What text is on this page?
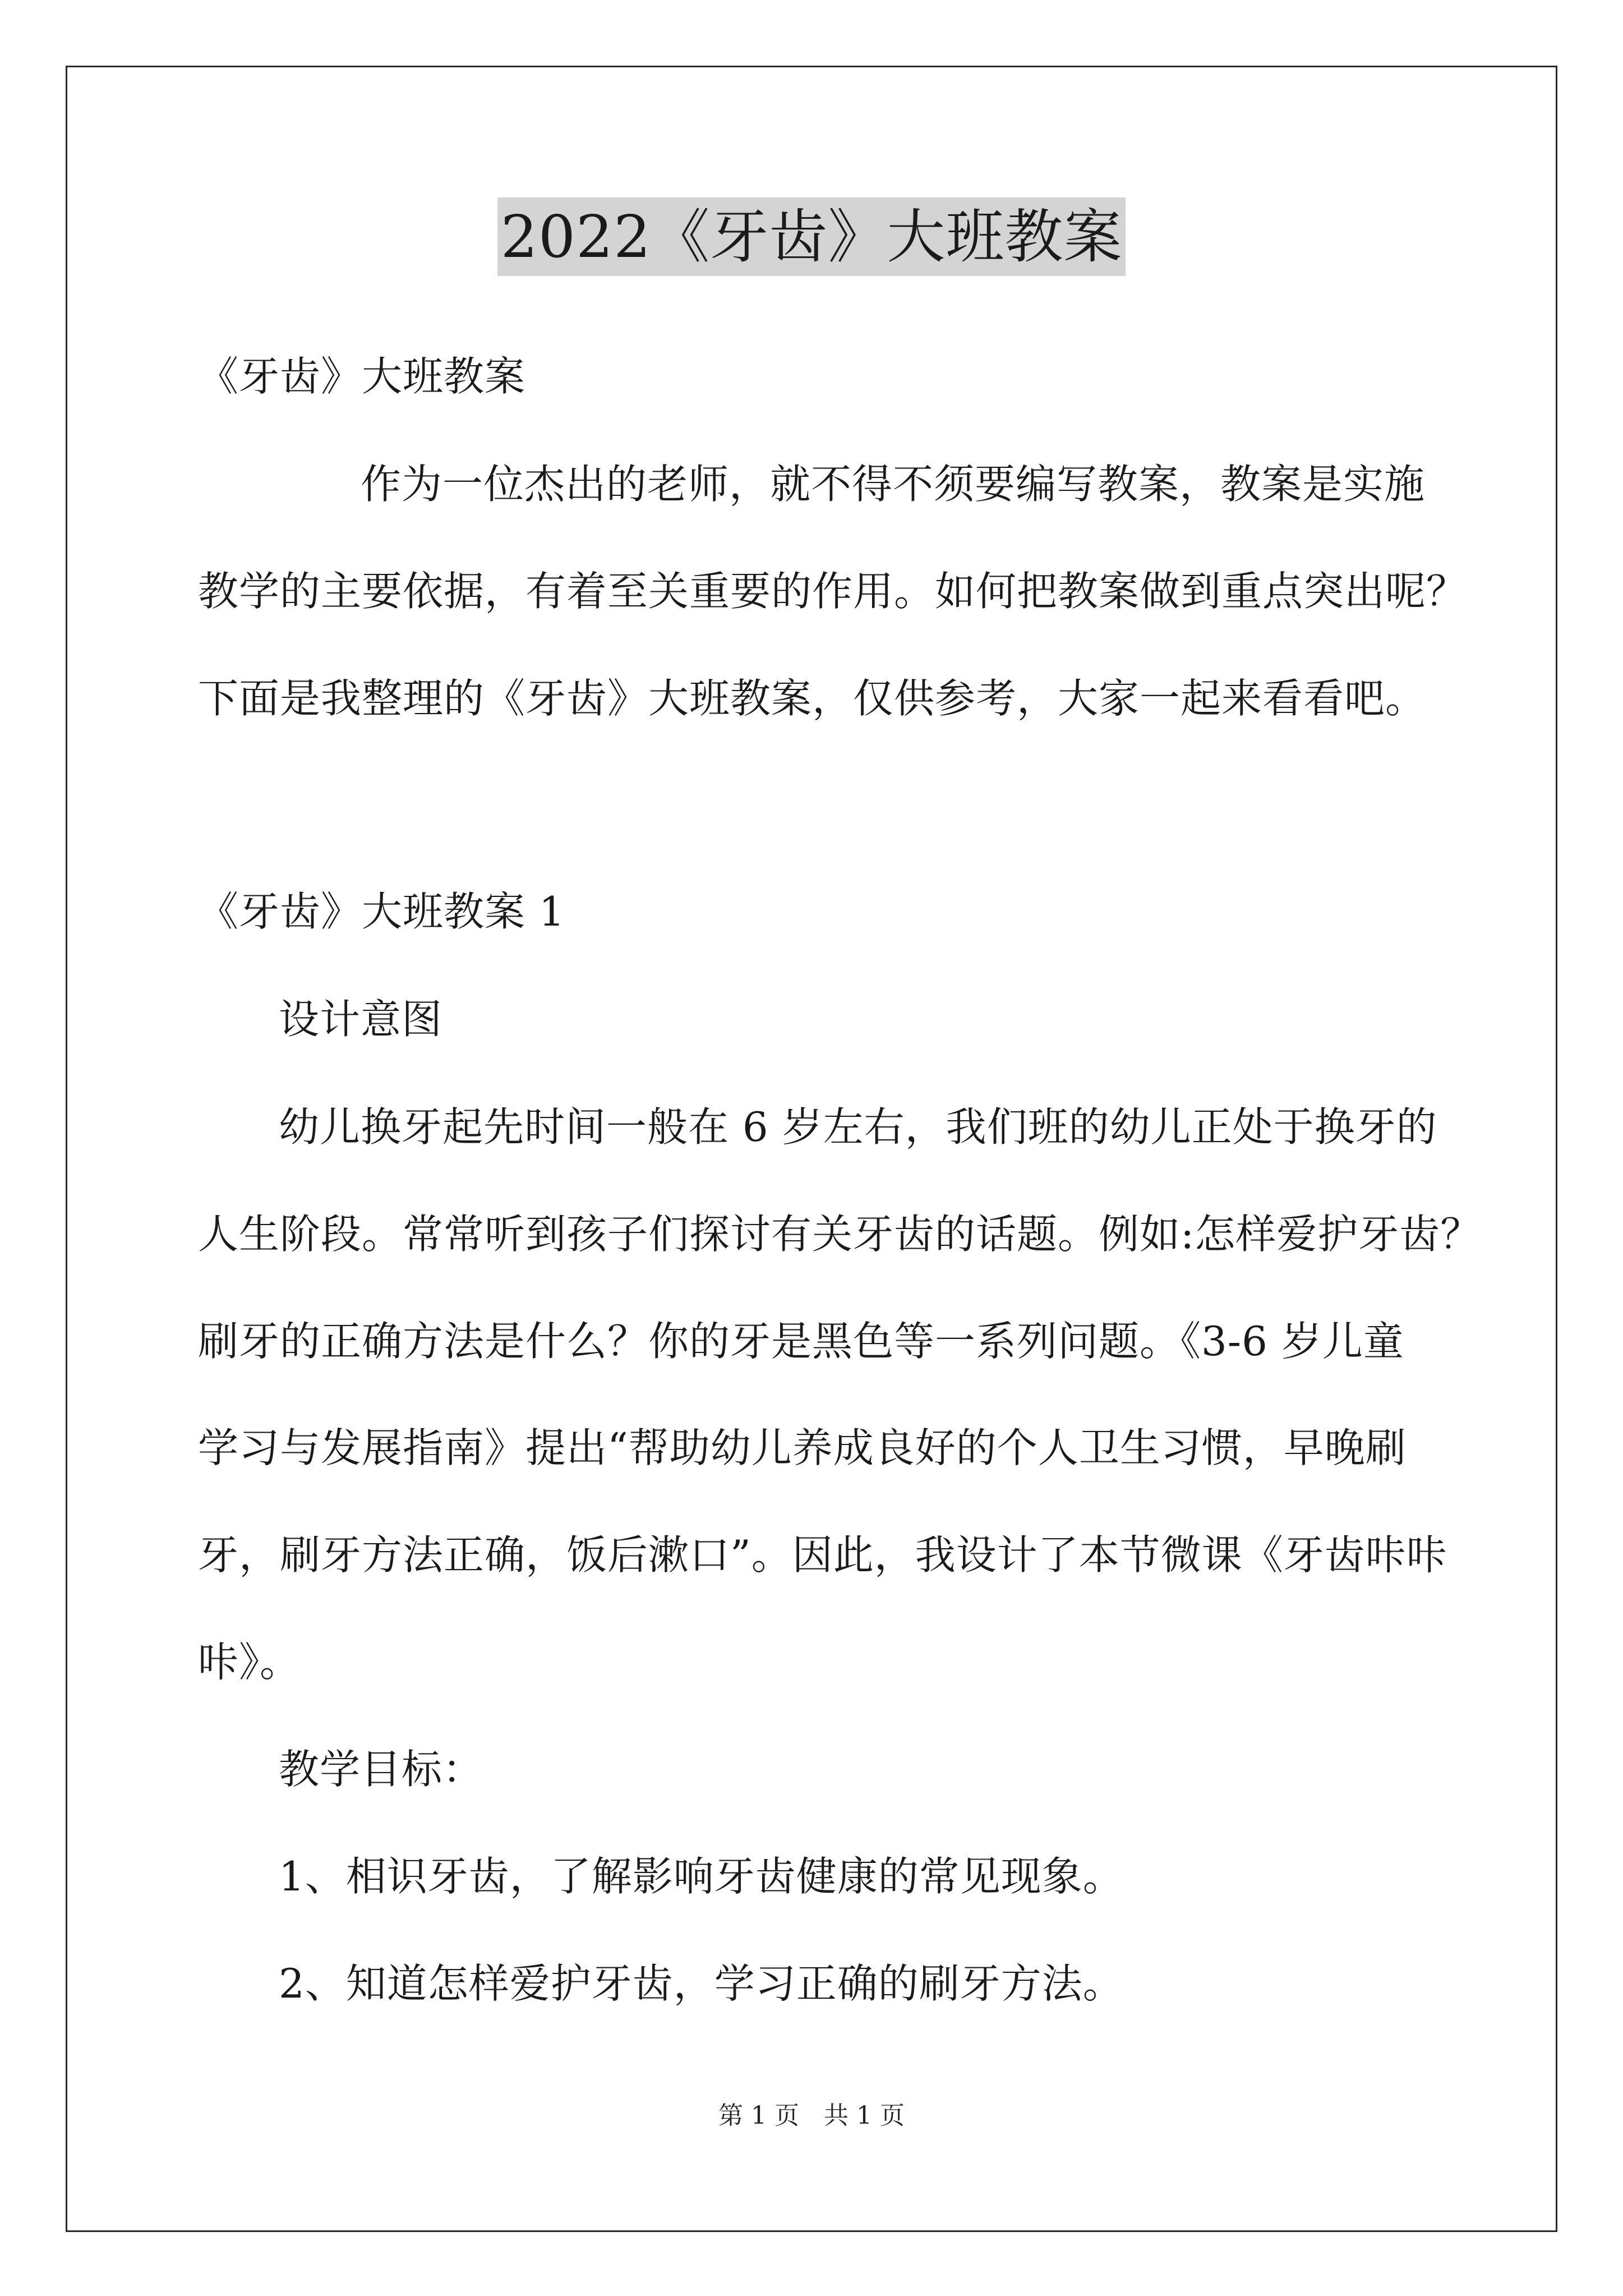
2022《牙齿》大班教案
《牙齿》大班教案
作为一位杰出的老师，就不得不须要编写教案，教案是实施
教学的主要依据，有着至关重要的作用。如何把教案做到重点突出呢？
下面是我整理的《牙齿》大班教案，仅供参考，大家一起来看看吧。
《牙齿》大班教案 1
设计意图
幼儿换牙起先时间一般在 6 岁左右，我们班的幼儿正处于换牙的
人生阶段。常常听到孩子们探讨有关牙齿的话题。例如:怎样爱护牙齿？
刷牙的正确方法是什么？你的牙是黑色等一系列问题。《3-6 岁儿童
学习与发展指南》提出“帮助幼儿养成良好的个人卫生习惯，早晚刷
牙，刷牙方法正确，饭后漱口”。因此，我设计了本节微课《牙齿咔咔
咔》。
教学目标：
1、相识牙齿，了解影响牙齿健康的常见现象。
2、知道怎样爱护牙齿，学习正确的刷牙方法。
第 1 页　共 1 页
